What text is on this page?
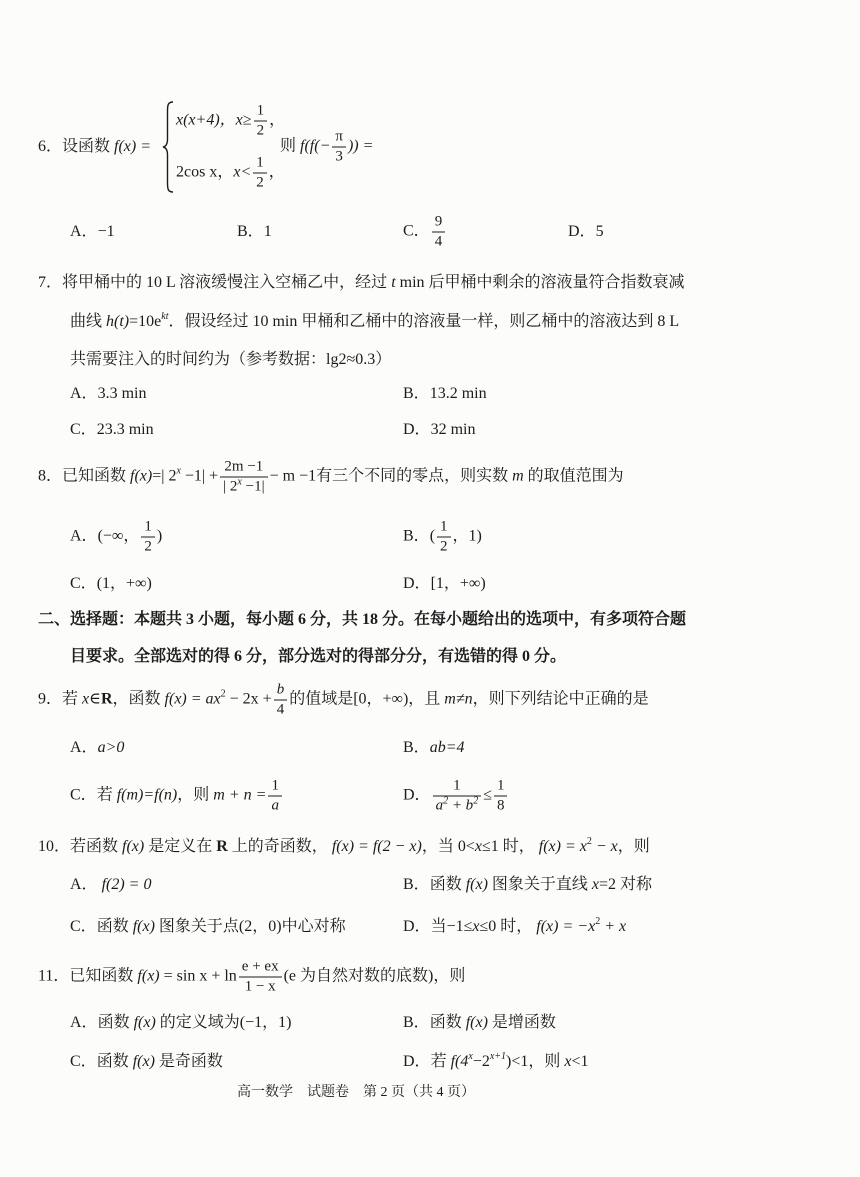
6．设函数 f(x) =
x(x+4)，$x\ge \frac{1}{2}$ ，
2cos x，$x< \frac{1}{2}$ ，
则 $f(f(- \frac{\pi}{3}$ )) =
A．−1	B．1	C． $\frac{9}{4}$	D．5
7．将甲桶中的 10 L 溶液缓慢注入空桶乙中，经过 t min 后甲桶中剩余的溶液量符合指数衰减
曲线 $h(t)=10e^{kt}$．假设经过 10 min 甲桶和乙桶中的溶液量一样，则乙桶中的溶液达到 8 L
共需要注入的时间约为（参考数据：lg2≈0.3）
A．3.3 min	B．13.2 min
C．23.3 min	D．32 min
8．已知函数 f(x)=| $2^x -1| + \frac{2m -1}{| 2^x -1|} - m -1$有三个不同的零点，则实数 m 的取值范围为
A．(−∞， $\frac{1}{2}$ )	B．( $\frac{1}{2}$ ，1)
C．(1，+∞)	D．[1，+∞)
二、选择题：本题共 3 小题，每小题 6 分，共 18 分。在每小题给出的选项中，有多项符合题
目要求。全部选对的得 6 分，部分选对的得部分分，有选错的得 0 分。
9．若 x∈R，函数 $f(x) = ax^2 - 2x + \frac{b}{4}$ 的值域是[0，+∞)，且 m≠n，则下列结论中正确的是
A．a>0	B．ab=4
C．若 f(m)=f(n)，则 $m + n = \frac{1}{a}$	D． $\frac{1}{a^2 + b^2} \le \frac{1}{8}$
10．若函数 f(x) 是定义在 R 上的奇函数， f(x) = f(2 − x)，当 0<x≤1 时， $f(x) = x^2 - x$，则
A． f(2) = 0	B．函数 f(x) 图象关于直线 x=2 对称
C．函数 f(x) 图象关于点(2，0)中心对称	D．当−1≤x≤0 时， $f(x) = -x^2 + x$
11．已知函数 $f(x) = \sin x + \ln \frac{e + ex}{1 - x} (e$ 为自然对数的底数)，则
A．函数 f(x) 的定义域为(−1，1)	B．函数 f(x) 是增函数
C．函数 f(x) 是奇函数	D．若 $f(4^x-2^{x+1})<1$，则 x<1
高一数学　试题卷　第 2 页（共 4 页）
